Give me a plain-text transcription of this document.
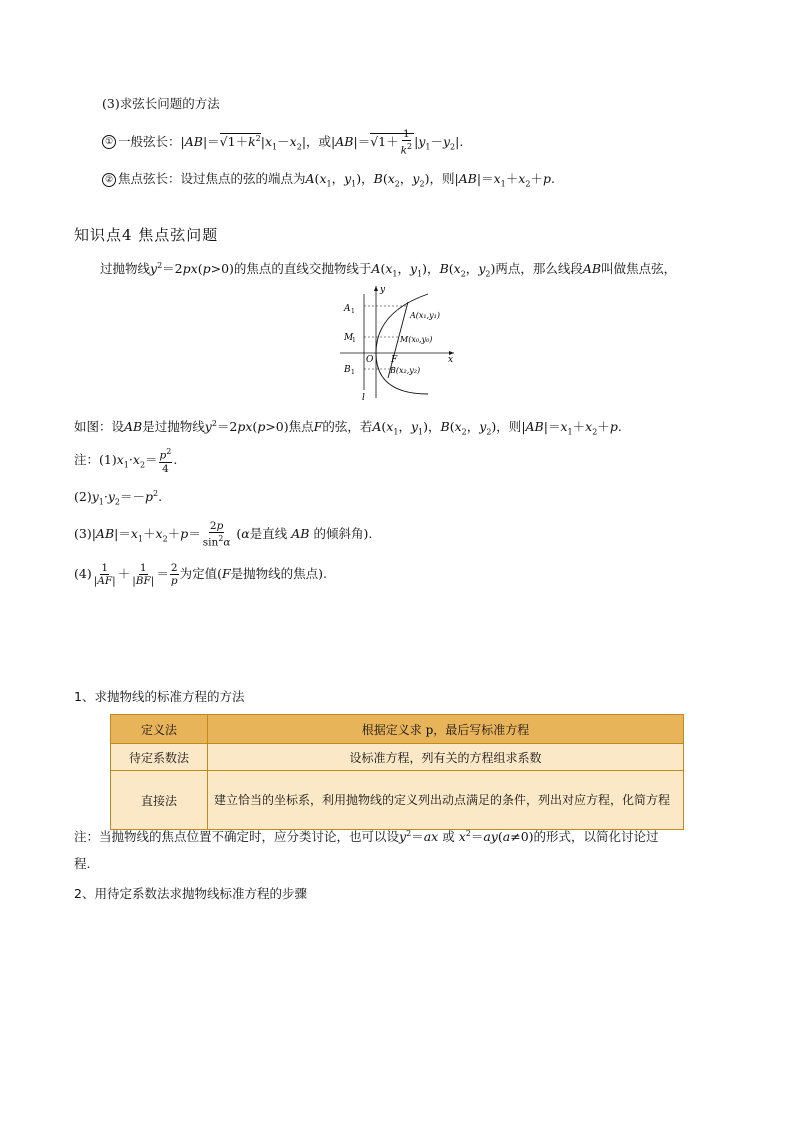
(3)求弦长问题的方法
① 一般弦长：$|AB|=√1+k^2|x_1-x_2|$，或$|AB|=√1+ \frac{1}{k^2} |y_1-y_2|$.
② 焦点弦长：设过焦点的弦的端点为$A(x_1$，$y_1$)，$B(x_2$，$y_2$)，则$|AB|=x_1+x_2+p$.
知识点4 焦点弦问题
过抛物线$y^2=2px(p>0)$的焦点的直线交抛物线于$A(x_1$，$y_1$)，$B(x_2$，$y_2$)两点，那么线段AB叫做焦点弦，
A 1
M
1
B 1
O F	x
y
l
A(x₁,y₁)
M(x₀,y₀)
B(x₂,y₂)
如图：设AB是过抛物线$y^2=2px(p>0)$焦点F的弦，若$A(x_1$，$y_1$)，$B(x_2$，$y_2$)，则$|AB|=x_1+x_2+p$.
注：$(1)x_1\cdot x_2= \frac{p^2}{4}$ .
$(2)y_1\cdot y_2=-p^2$.
$(3)|AB|=x_1+x_2+p= \frac{2p}{\sin^2\alpha} (\alpha$是直线 AB 的倾斜角).
$(4) \frac{1}{|AF|} + \frac{1}{|BF|} = \frac{2}{p}$ 为定值(F是抛物线的焦点).
1、求抛物线的标准方程的方法
定义法	根据定义求 p，最后写标准方程
待定系数法	设标准方程，列有关的方程组求系数
直接法	建立恰当的坐标系，利用抛物线的定义列出动点满足的条件，列出对应方程，化简方程
注：当抛物线的焦点位置不确定时，应分类讨论，也可以设$y^2=ax$ 或 $x^2=ay(a\ne 0)$的形式，以简化讨论过
程.
2、用待定系数法求抛物线标准方程的步骤
